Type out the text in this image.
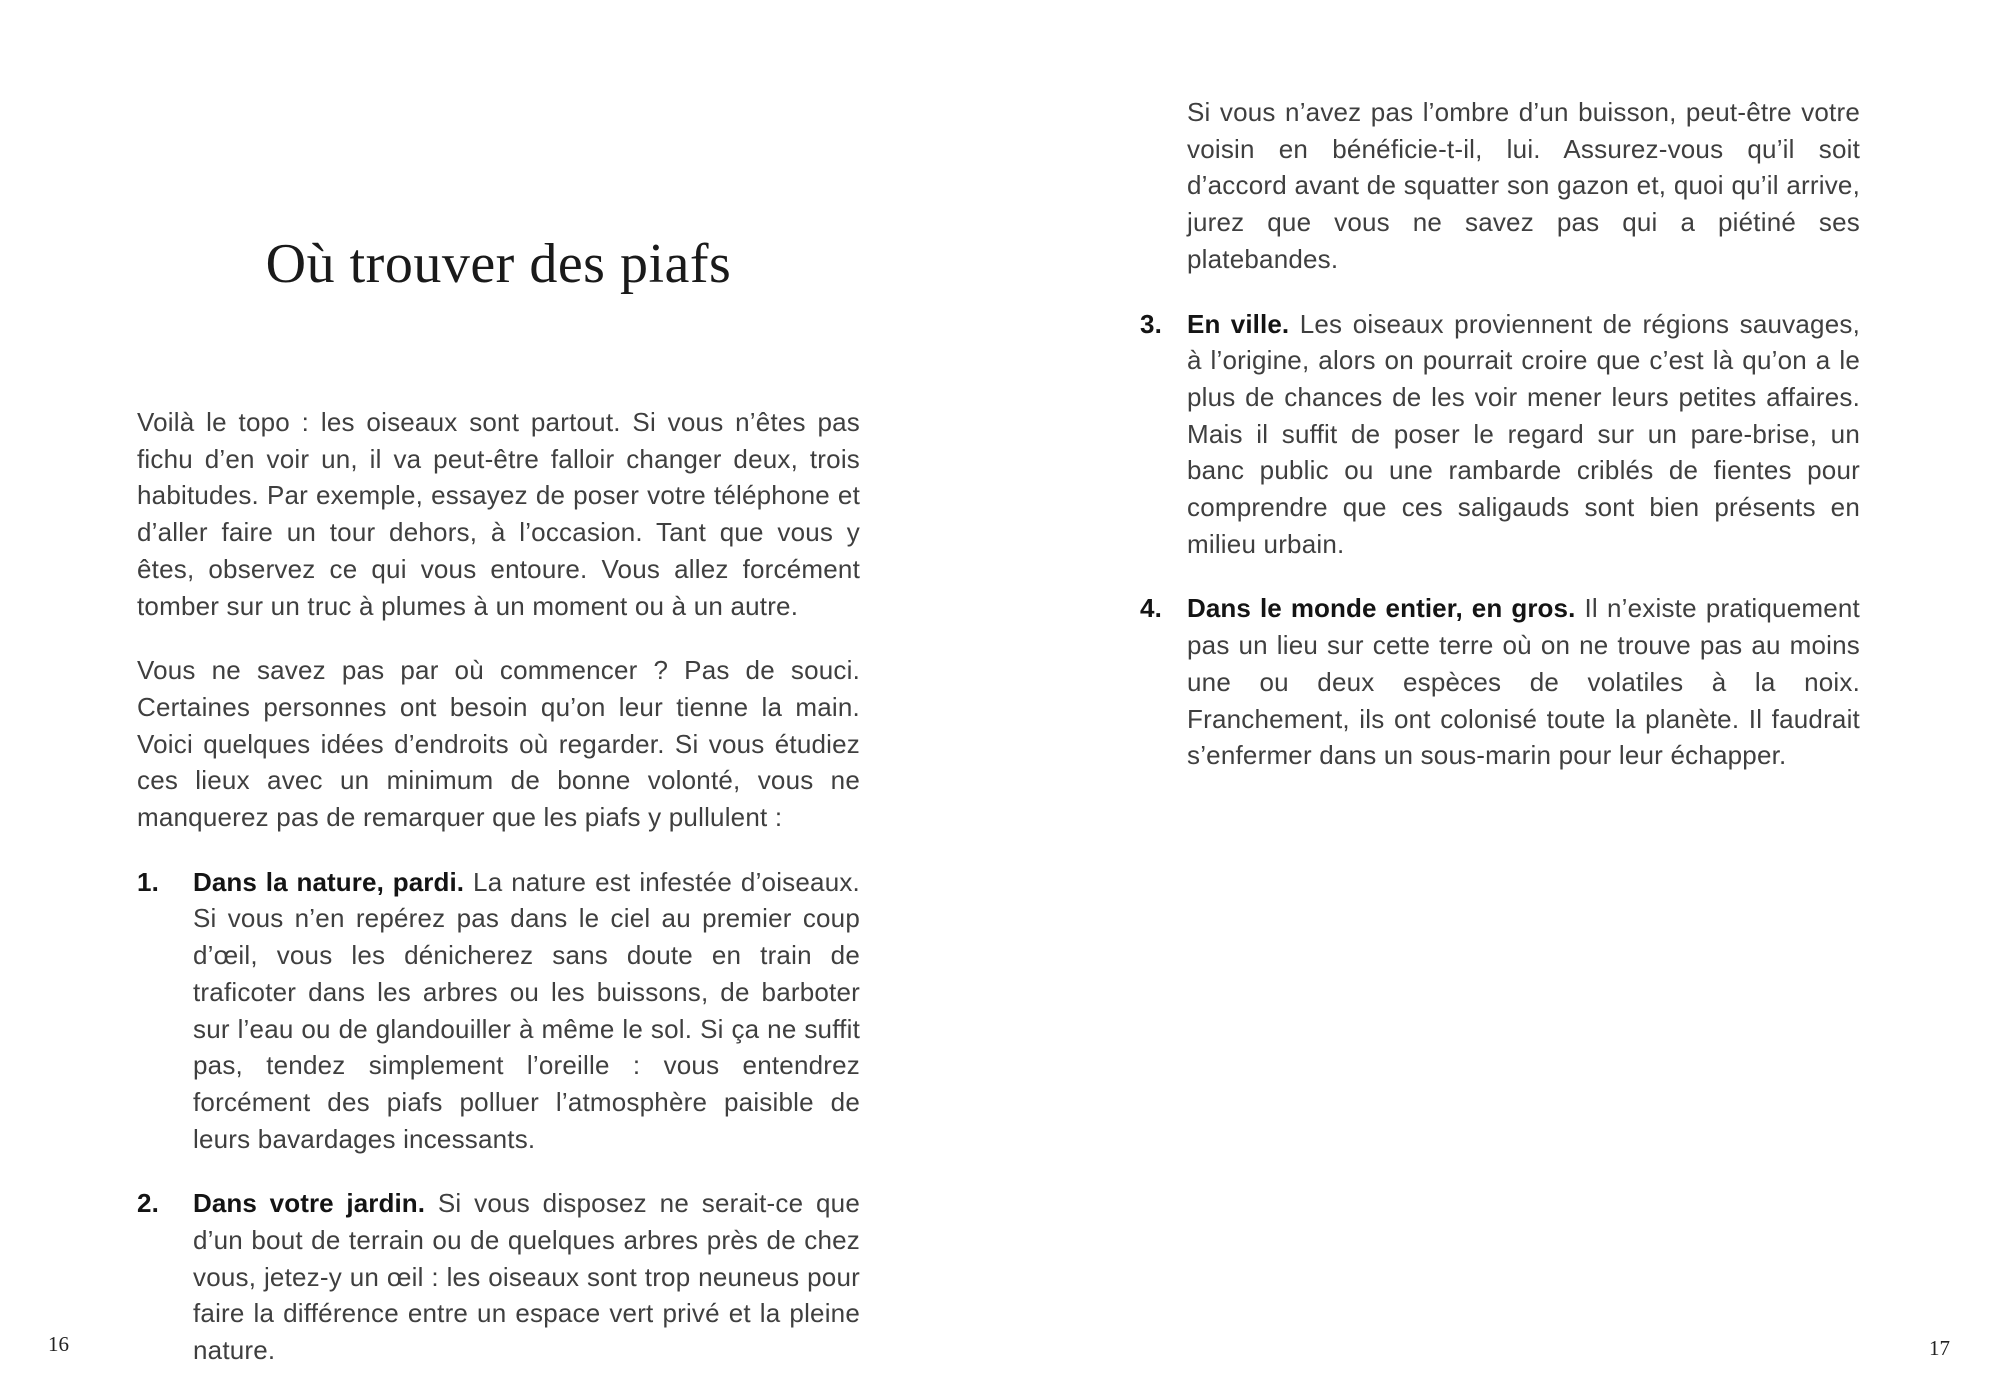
Où trouver des piafs

Voilà le topo : les oiseaux sont partout. Si vous n’êtes pas fichu d’en voir un, il va peut-être falloir changer deux, trois habitudes. Par exemple, essayez de poser votre téléphone et d’aller faire un tour dehors, à l’occasion. Tant que vous y êtes, observez ce qui vous entoure. Vous allez forcément tomber sur un truc à plumes à un moment ou à un autre.

Vous ne savez pas par où commencer ? Pas de souci. Certaines personnes ont besoin qu’on leur tienne la main. Voici quelques idées d’endroits où regarder. Si vous étudiez ces lieux avec un minimum de bonne volonté, vous ne manquerez pas de remarquer que les piafs y pullulent :

1.	Dans la nature, pardi. La nature est infestée d’oiseaux. Si vous n’en repérez pas dans le ciel au premier coup d’œil, vous les dénicherez sans doute en train de traficoter dans les arbres ou les buissons, de barboter sur l’eau ou de glandouiller à même le sol. Si ça ne suffit pas, tendez simplement l’oreille : vous entendrez forcément des piafs polluer l’atmosphère paisible de leurs bavardages incessants.

2.	Dans votre jardin. Si vous disposez ne serait-ce que d’un bout de terrain ou de quelques arbres près de chez vous, jetez-y un œil : les oiseaux sont trop neuneus pour faire la différence entre un espace vert privé et la pleine nature.

16

Si vous n’avez pas l’ombre d’un buisson, peut-être votre voisin en bénéficie-t-il, lui. Assurez-vous qu’il soit d’accord avant de squatter son gazon et, quoi qu’il arrive, jurez que vous ne savez pas qui a piétiné ses platebandes.

3. En ville. Les oiseaux proviennent de régions sauvages, à l’origine, alors on pourrait croire que c’est là qu’on a le plus de chances de les voir mener leurs petites affaires. Mais il suffit de poser le regard sur un pare-brise, un banc public ou une rambarde criblés de fientes pour comprendre que ces saligauds sont bien présents en milieu urbain.

4. Dans le monde entier, en gros. Il n’existe pratiquement pas un lieu sur cette terre où on ne trouve pas au moins une ou deux espèces de volatiles à la noix. Franchement, ils ont colonisé toute la planète. Il faudrait s’enfermer dans un sous-marin pour leur échapper.

17
